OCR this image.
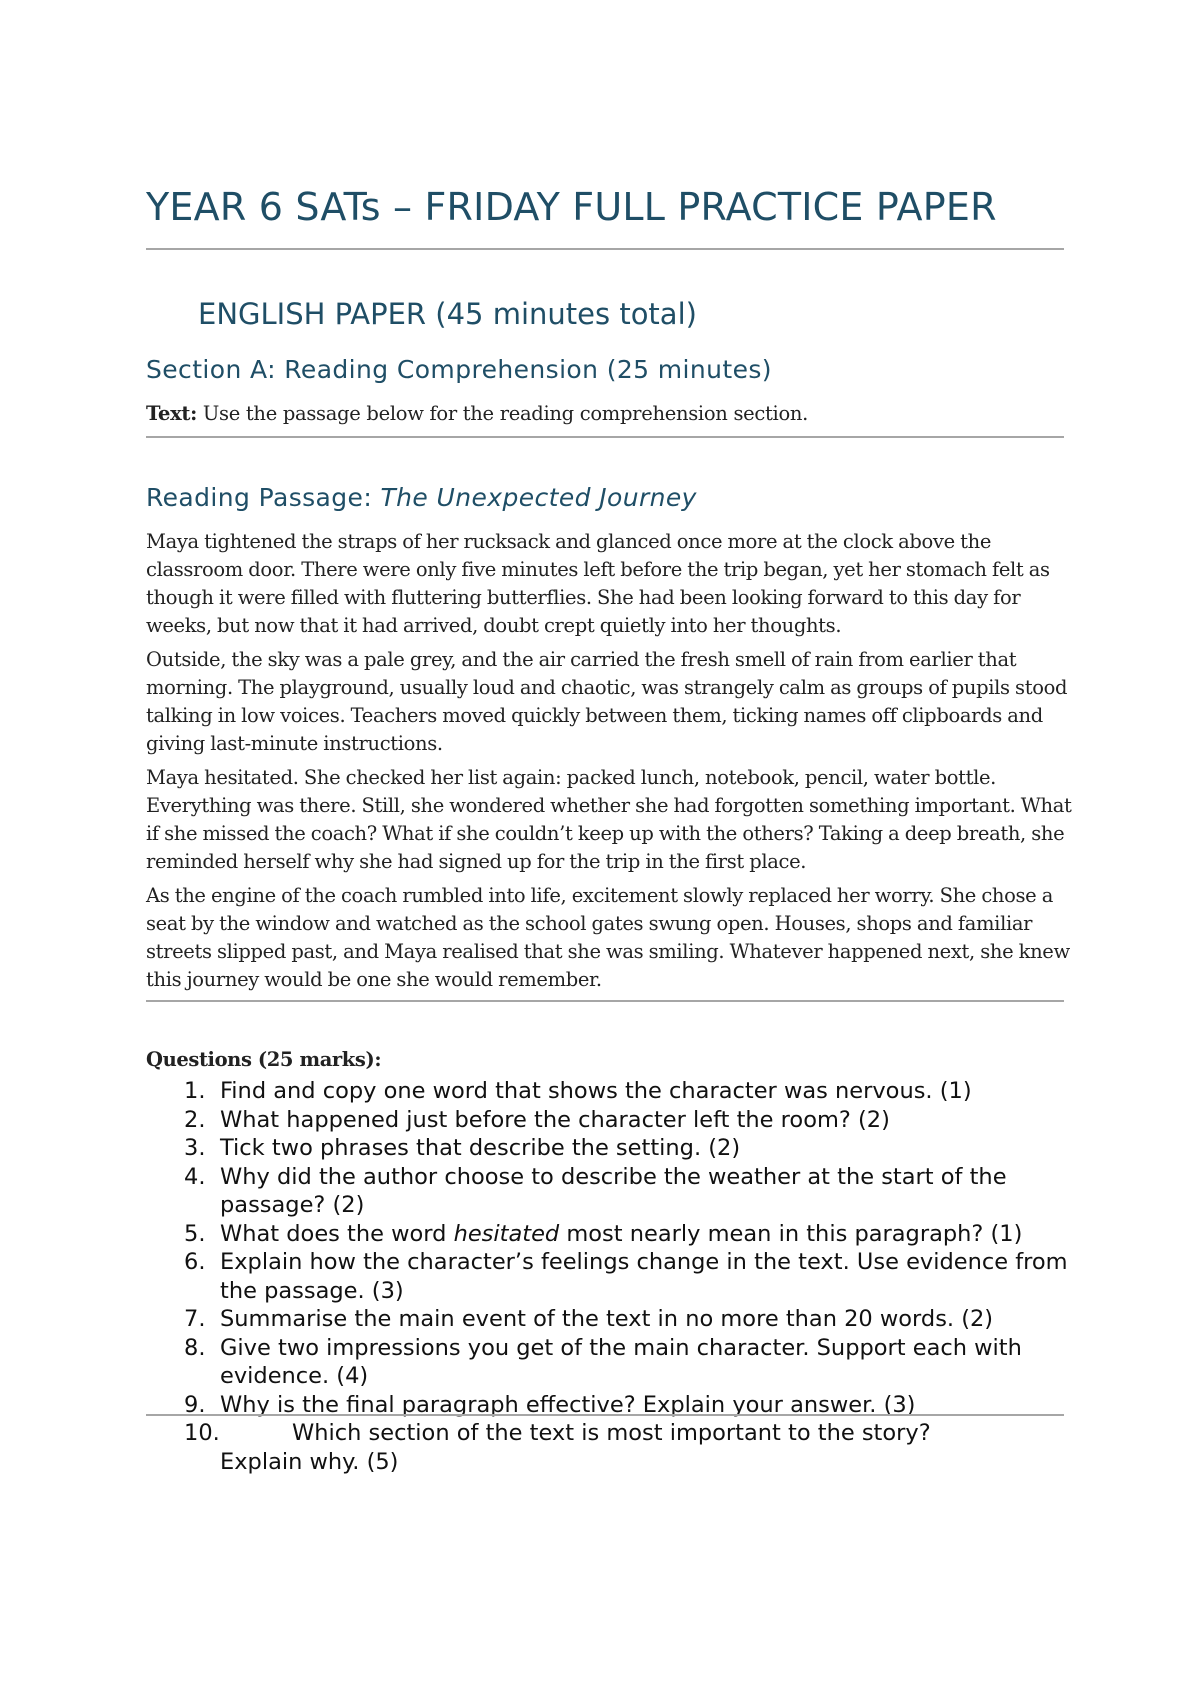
YEAR 6 SATs – FRIDAY FULL PRACTICE PAPER
ENGLISH PAPER (45 minutes total)
Section A: Reading Comprehension (25 minutes)

Text: Use the passage below for the reading comprehension section.

Reading Passage: The Unexpected Journey

Maya tightened the straps of her rucksack and glanced once more at the clock above the classroom door. There were only five minutes left before the trip began, yet her stomach felt as though it were filled with fluttering butterflies. She had been looking forward to this day for weeks, but now that it had arrived, doubt crept quietly into her thoughts.

Outside, the sky was a pale grey, and the air carried the fresh smell of rain from earlier that morning. The playground, usually loud and chaotic, was strangely calm as groups of pupils stood talking in low voices. Teachers moved quickly between them, ticking names off clipboards and giving last-minute instructions.

Maya hesitated. She checked her list again: packed lunch, notebook, pencil, water bottle. Everything was there. Still, she wondered whether she had forgotten something important. What if she missed the coach? What if she couldn’t keep up with the others? Taking a deep breath, she reminded herself why she had signed up for the trip in the first place.

As the engine of the coach rumbled into life, excitement slowly replaced her worry. She chose a seat by the window and watched as the school gates swung open. Houses, shops and familiar streets slipped past, and Maya realised that she was smiling. Whatever happened next, she knew this journey would be one she would remember.

Questions (25 marks):

1. Find and copy one word that shows the character was nervous. (1)
2. What happened just before the character left the room? (2)
3. Tick two phrases that describe the setting. (2)
4. Why did the author choose to describe the weather at the start of the passage? (2)
5. What does the word hesitated most nearly mean in this paragraph? (1)
6. Explain how the character’s feelings change in the text. Use evidence from the passage. (3)
7. Summarise the main event of the text in no more than 20 words. (2)
8. Give two impressions you get of the main character. Support each with evidence. (4)
9. Why is the final paragraph effective? Explain your answer. (3)
10.	Which section of the text is most important to the story?
Explain why. (5)
